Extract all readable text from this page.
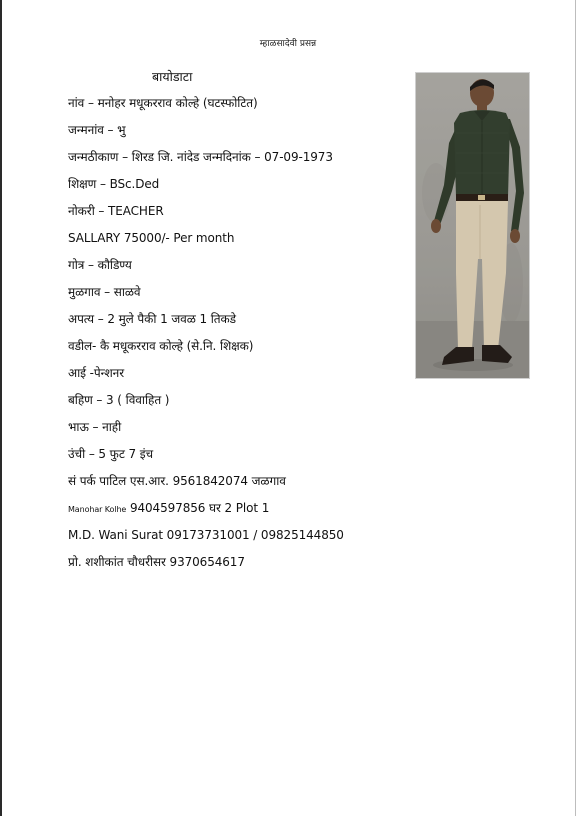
म्हाळसादेवी प्रसन्न
बायोडाटा
नांव – मनोहर मधूकरराव कोल्हे (घटस्फोटित)
जन्मनांव – भु
जन्मठीकाण – शिरड जि. नांदेड जन्मदिनांक – 07-09-1973
शिक्षण – BSc.Ded
नोकरी – TEACHER
SALLARY 75000/- Per month
गोत्र – कौडिण्य
मुळगाव – साळवे
अपत्य – 2 मुले पैकी 1 जवळ 1 तिकडे
वडील- कै मधूकरराव कोल्हे (से.नि. शिक्षक)
आई -पेन्शनर
बहिण – 3 ( विवाहित )
भाऊ – नाही
उंची – 5 फुट 7 इंच
सं पर्क पाटिल एस.आर. 9561842074 जळगाव
Manohar Kolhe 9404597856 घर 2 Plot 1
M.D. Wani Surat 09173731001 / 09825144850
प्रो. शशीकांत चौधरीसर 9370654617
